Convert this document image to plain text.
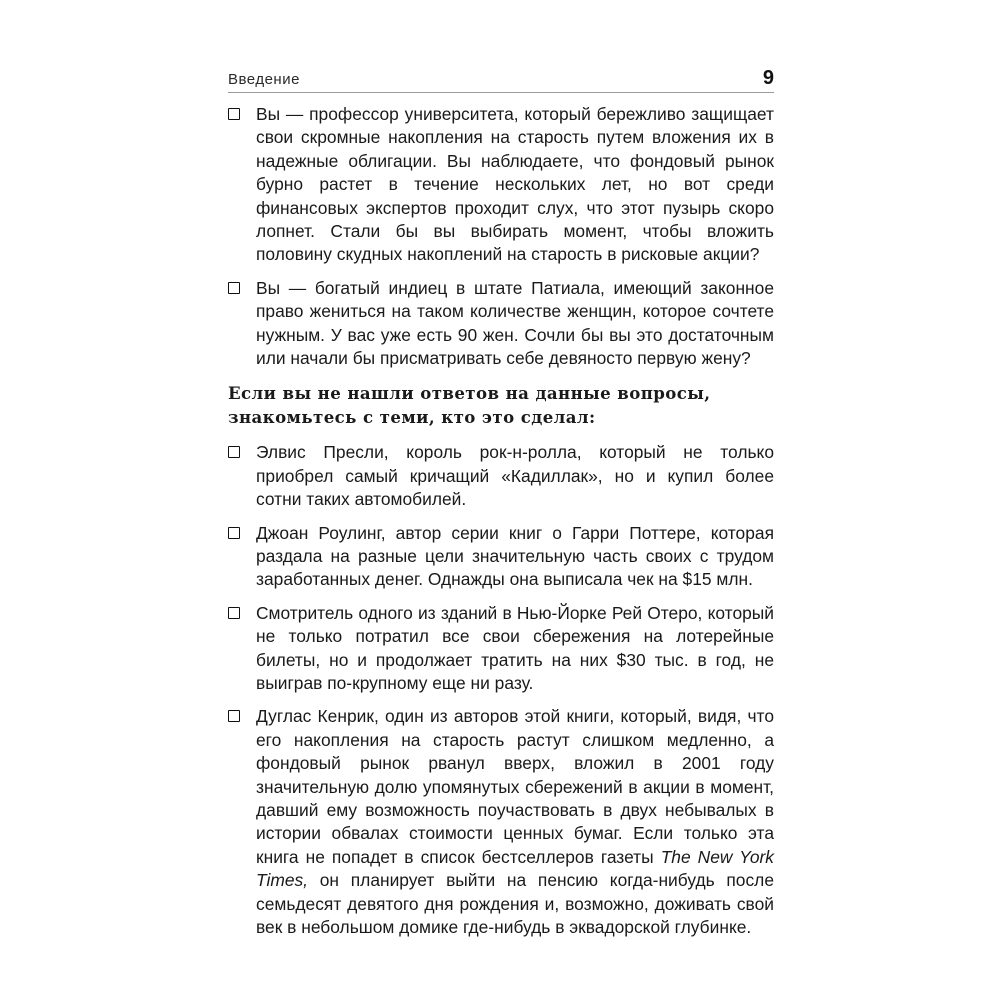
Введение	9
Вы — профессор университета, который бережливо защищает свои скромные накопления на старость путем вложения их в надежные облигации. Вы наблюдаете, что фондовый рынок бурно растет в течение нескольких лет, но вот среди финансовых экспертов проходит слух, что этот пузырь скоро лопнет. Стали бы вы выбирать момент, чтобы вложить половину скудных накоплений на старость в рисковые акции?
Вы — богатый индиец в штате Патиала, имеющий законное право жениться на таком количестве женщин, которое сочтете нужным. У вас уже есть 90 жен. Сочли бы вы это достаточным или начали бы присматривать себе девяносто первую жену?

Если вы не нашли ответов на данные вопросы, знакомьтесь с теми, кто это сделал:

Элвис Пресли, король рок-н-ролла, который не только приобрел самый кричащий «Кадиллак», но и купил более сотни таких автомобилей.
Джоан Роулинг, автор серии книг о Гарри Поттере, которая раздала на разные цели значительную часть своих с трудом заработанных денег. Однажды она выписала чек на $15 млн.
Смотритель одного из зданий в Нью-Йорке Рей Отеро, который не только потратил все свои сбережения на лотерейные билеты, но и продолжает тратить на них $30 тыс. в год, не выиграв по-крупному еще ни разу.
Дуглас Кенрик, один из авторов этой книги, который, видя, что его накопления на старость растут слишком медленно, а фондовый рынок рванул вверх, вложил в 2001 году значительную долю упомянутых сбережений в акции в момент, давший ему возможность поучаствовать в двух небывалых в истории обвалах стоимости ценных бумаг. Если только эта книга не попадет в список бестселлеров газеты The New York Times, он планирует выйти на пенсию когда-нибудь после семьдесят девятого дня рождения и, возможно, доживать свой век в небольшом домике где-нибудь в эквадорской глубинке.
